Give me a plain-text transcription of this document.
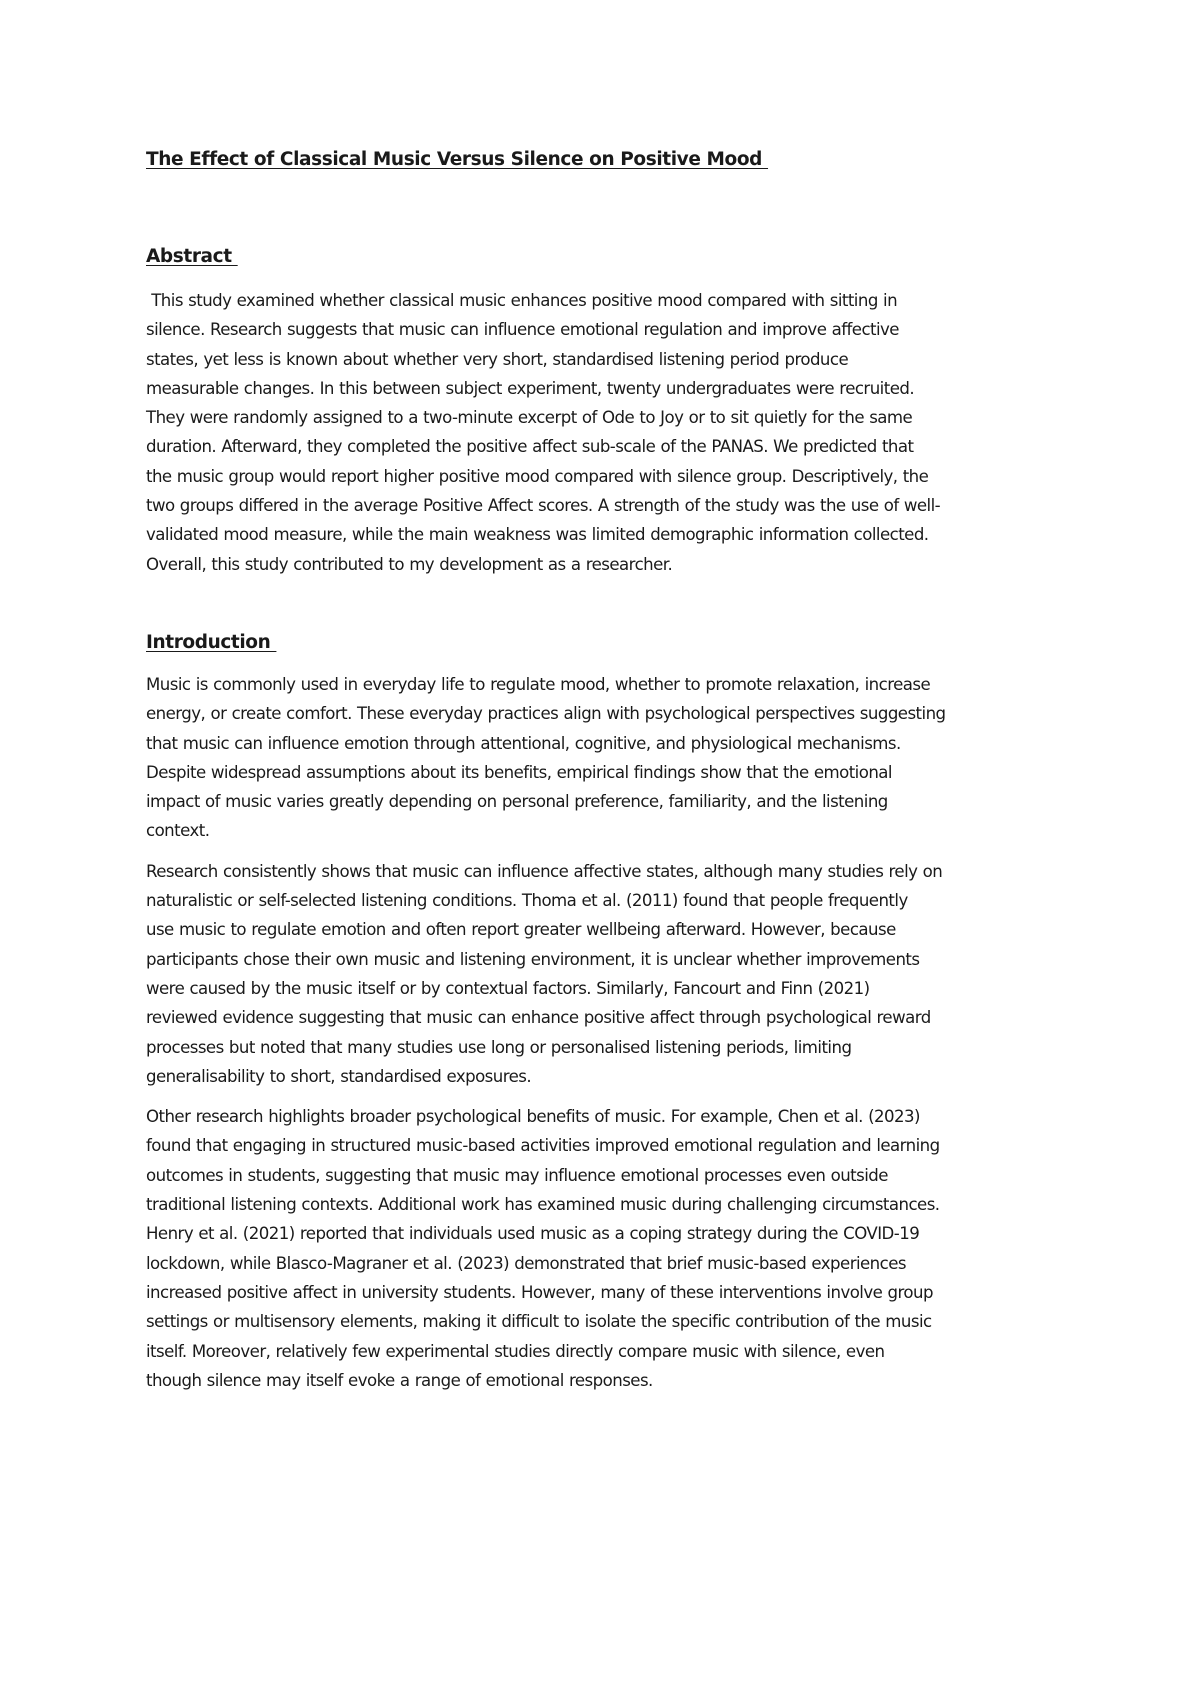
The Effect of Classical Music Versus Silence on Positive Mood
Abstract

This study examined whether classical music enhances positive mood compared with sitting in
silence. Research suggests that music can influence emotional regulation and improve affective
states, yet less is known about whether very short, standardised listening period produce
measurable changes. In this between subject experiment, twenty undergraduates were recruited.
They were randomly assigned to a two-minute excerpt of Ode to Joy or to sit quietly for the same
duration. Afterward, they completed the positive affect sub-scale of the PANAS. We predicted that
the music group would report higher positive mood compared with silence group. Descriptively, the
two groups differed in the average Positive Affect scores. A strength of the study was the use of well-
validated mood measure, while the main weakness was limited demographic information collected.
Overall, this study contributed to my development as a researcher.

Introduction

Music is commonly used in everyday life to regulate mood, whether to promote relaxation, increase
energy, or create comfort. These everyday practices align with psychological perspectives suggesting
that music can influence emotion through attentional, cognitive, and physiological mechanisms.
Despite widespread assumptions about its benefits, empirical findings show that the emotional
impact of music varies greatly depending on personal preference, familiarity, and the listening
context.

Research consistently shows that music can influence affective states, although many studies rely on
naturalistic or self-selected listening conditions. Thoma et al. (2011) found that people frequently
use music to regulate emotion and often report greater wellbeing afterward. However, because
participants chose their own music and listening environment, it is unclear whether improvements
were caused by the music itself or by contextual factors. Similarly, Fancourt and Finn (2021)
reviewed evidence suggesting that music can enhance positive affect through psychological reward
processes but noted that many studies use long or personalised listening periods, limiting
generalisability to short, standardised exposures.

Other research highlights broader psychological benefits of music. For example, Chen et al. (2023)
found that engaging in structured music-based activities improved emotional regulation and learning
outcomes in students, suggesting that music may influence emotional processes even outside
traditional listening contexts. Additional work has examined music during challenging circumstances.
Henry et al. (2021) reported that individuals used music as a coping strategy during the COVID-19
lockdown, while Blasco-Magraner et al. (2023) demonstrated that brief music-based experiences
increased positive affect in university students. However, many of these interventions involve group
settings or multisensory elements, making it difficult to isolate the specific contribution of the music
itself. Moreover, relatively few experimental studies directly compare music with silence, even
though silence may itself evoke a range of emotional responses.
